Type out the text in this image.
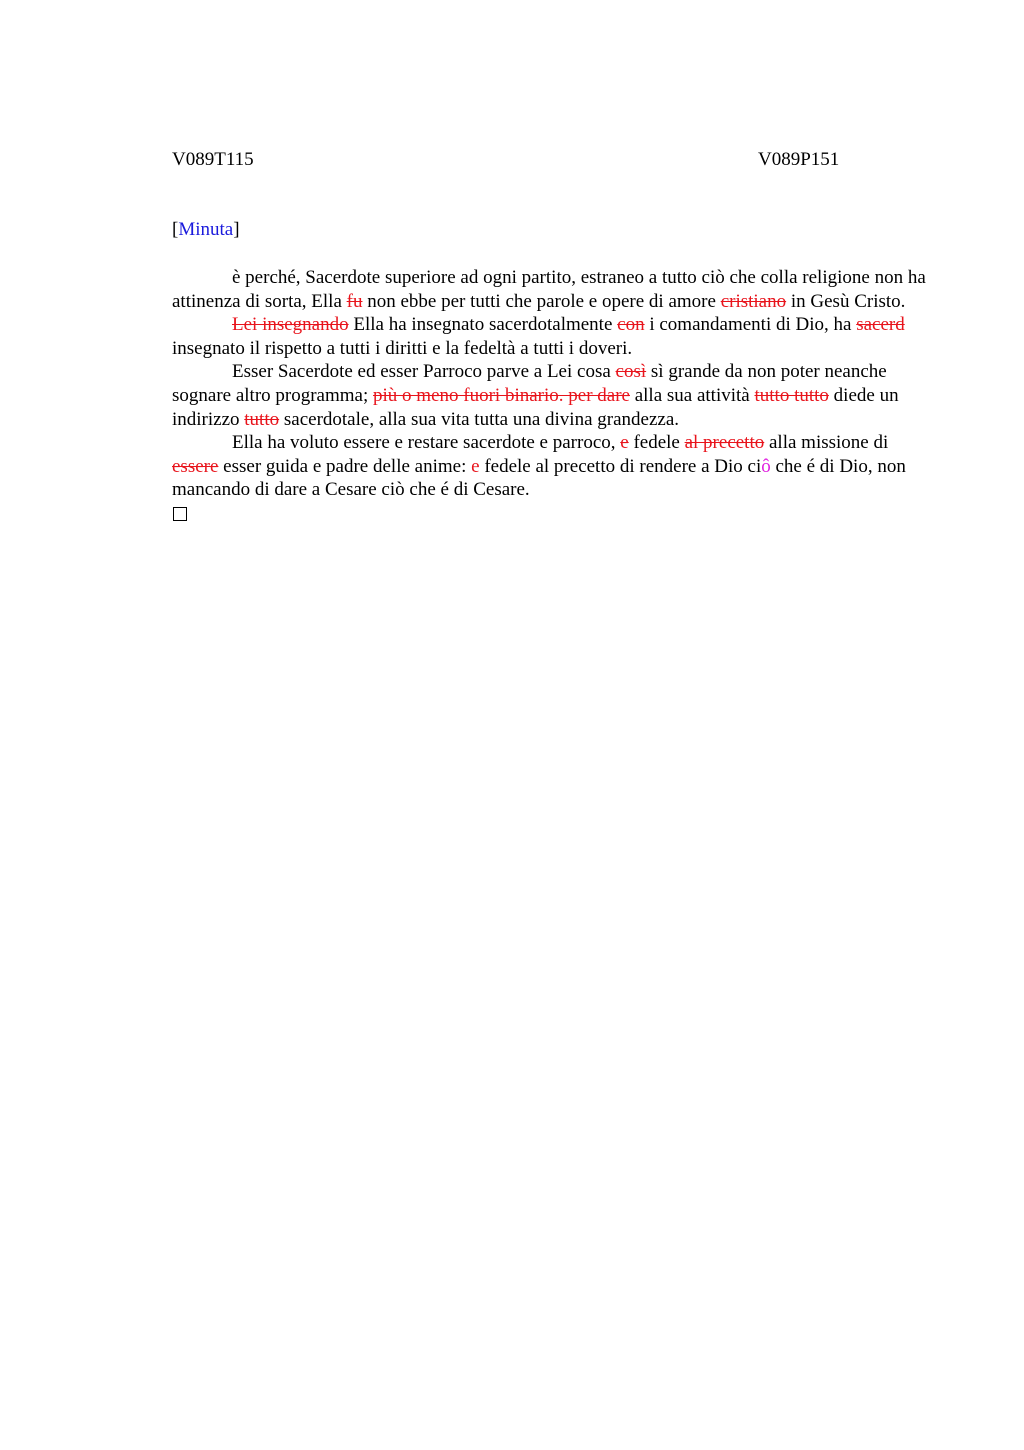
V089T115	V089P151
[Minuta]

è perché, Sacerdote superiore ad ogni partito, estraneo a tutto ciò che colla religione non ha attinenza di sorta, Ella fu non ebbe per tutti che parole e opere di amore cristiano in Gesù Cristo.

Lei insegnando Ella ha insegnato sacerdotalmente con i comandamenti di Dio, ha sacerd insegnato il rispetto a tutti i diritti e la fedeltà a tutti i doveri.

Esser Sacerdote ed esser Parroco parve a Lei cosa così sì grande da non poter neanche sognare altro programma; più o meno fuori binario. per dare alla sua attività tutto tutto diede un indirizzo tutto sacerdotale, alla sua vita tutta una divina grandezza.

Ella ha voluto essere e restare sacerdote e parroco, e fedele al precetto alla missione di essere esser guida e padre delle anime: e fedele al precetto di rendere a Dio ciô che é di Dio, non mancando di dare a Cesare ciò che é di Cesare.
